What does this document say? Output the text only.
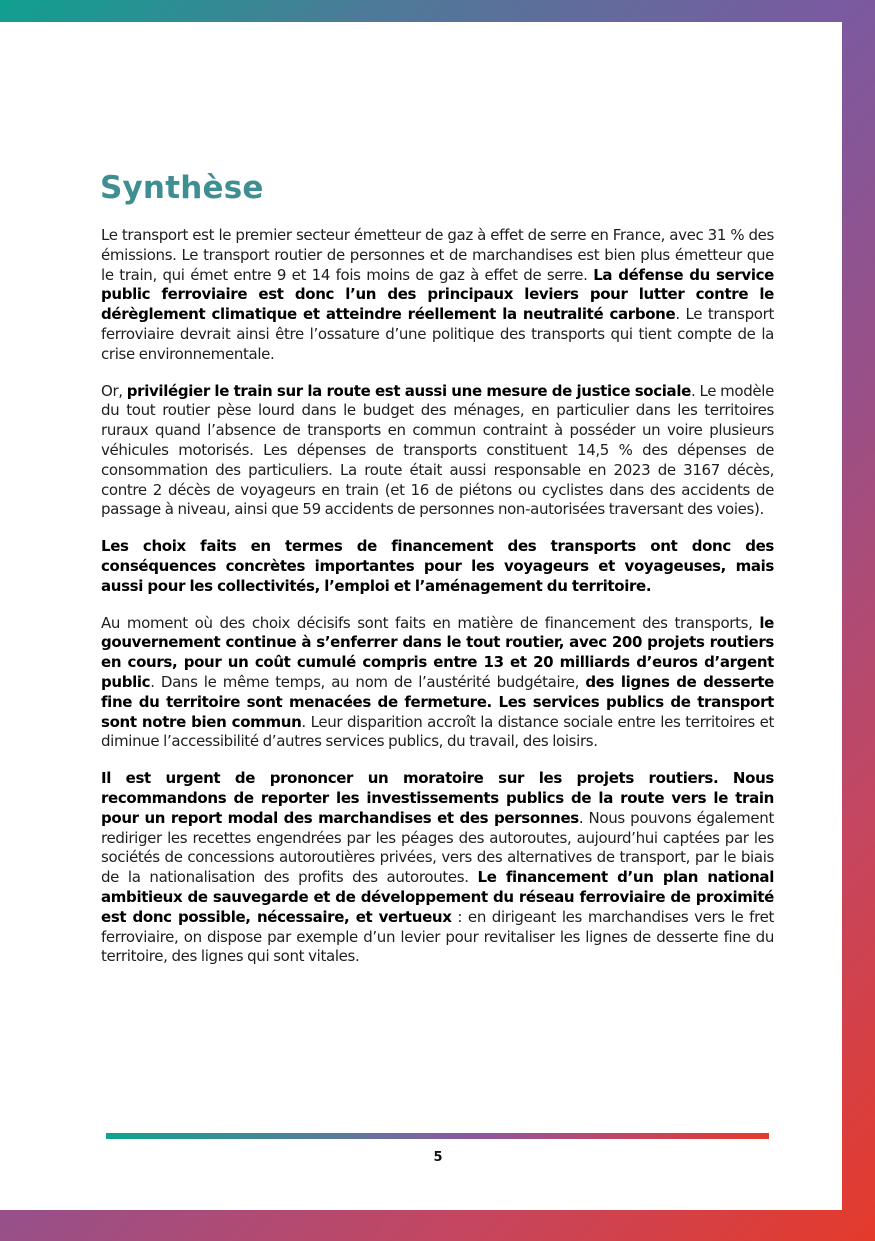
Synthèse

Le transport est le premier secteur émetteur de gaz à effet de serre en France, avec 31 % des émissions. Le transport routier de personnes et de marchandises est bien plus émetteur que le train, qui émet entre 9 et 14 fois moins de gaz à effet de serre. La défense du service public ferroviaire est donc l’un des principaux leviers pour lutter contre le dérèglement climatique et atteindre réellement la neutralité carbone. Le transport ferroviaire devrait ainsi être l’ossature d’une politique des transports qui tient compte de la crise environnementale.

Or, privilégier le train sur la route est aussi une mesure de justice sociale. Le modèle du tout routier pèse lourd dans le budget des ménages, en particulier dans les territoires ruraux quand l’absence de transports en commun contraint à posséder un voire plusieurs véhicules motorisés. Les dépenses de transports constituent 14,5 % des dépenses de consommation des particuliers. La route était aussi responsable en 2023 de 3167 décès, contre 2 décès de voyageurs en train (et 16 de piétons ou cyclistes dans des accidents de passage à niveau, ainsi que 59 accidents de personnes non-autorisées traversant des voies).

Les choix faits en termes de financement des transports ont donc des conséquences concrètes importantes pour les voyageurs et voyageuses, mais aussi pour les collectivités, l’emploi et l’aménagement du territoire.

Au moment où des choix décisifs sont faits en matière de financement des transports, le gouvernement continue à s’enferrer dans le tout routier, avec 200 projets routiers en cours, pour un coût cumulé compris entre 13 et 20 milliards d’euros d’argent public. Dans le même temps, au nom de l’austérité budgétaire, des lignes de desserte fine du territoire sont menacées de fermeture. Les services publics de transport sont notre bien commun. Leur disparition accroît la distance sociale entre les territoires et diminue l’accessibilité d’autres services publics, du travail, des loisirs.

Il est urgent de prononcer un moratoire sur les projets routiers. Nous recommandons de reporter les investissements publics de la route vers le train pour un report modal des marchandises et des personnes. Nous pouvons également rediriger les recettes engendrées par les péages des autoroutes, aujourd’hui captées par les sociétés de concessions autoroutières privées, vers des alternatives de transport, par le biais de la nationalisation des profits des autoroutes. Le financement d’un plan national ambitieux de sauvegarde et de développement du réseau ferroviaire de proximité est donc possible, nécessaire, et vertueux : en dirigeant les marchandises vers le fret ferroviaire, on dispose par exemple d’un levier pour revitaliser les lignes de desserte fine du territoire, des lignes qui sont vitales.

5
